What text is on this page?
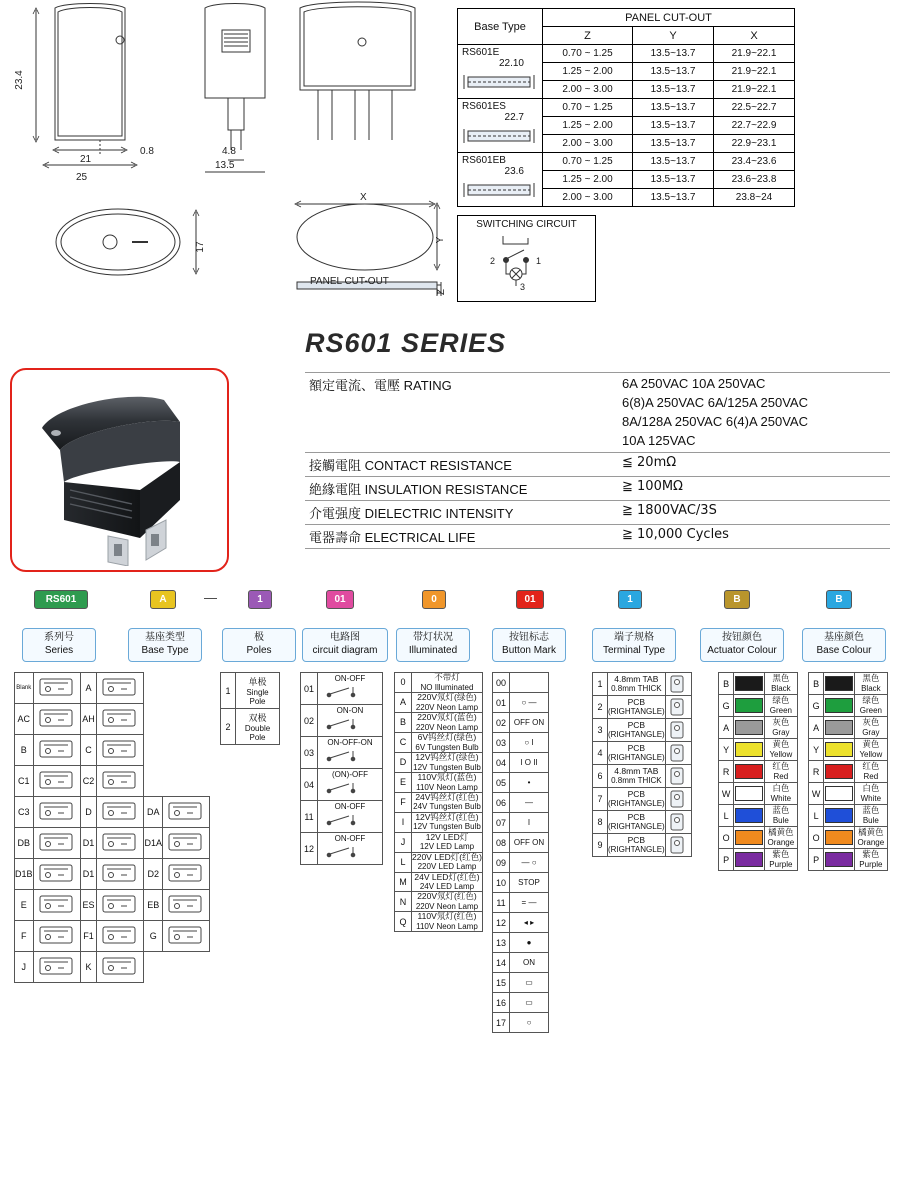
23.4
0.8
21
25
4.8
13.5
17
X
Y
Z
PANEL CUT-OUT
Base Type	PANEL CUT-OUT		
	Z	Y	X

RS601E
22.10	0.70 ~ 1.25	13.5~13.7	21.9~22.1
	1.25 ~ 2.00	13.5~13.7	21.9~22.1
	2.00 ~ 3.00	13.5~13.7	21.9~22.1

RS601ES
22.7	0.70 ~ 1.25	13.5~13.7	22.5~22.7
	1.25 ~ 2.00	13.5~13.7	22.7~22.9
	2.00 ~ 3.00	13.5~13.7	22.9~23.1

RS601EB
23.6	0.70 ~ 1.25	13.5~13.7	23.4~23.6
	1.25 ~ 2.00	13.5~13.7	23.6~23.8
	2.00 ~ 3.00	13.5~13.7	23.8~24
SWITCHING CIRCUIT
2	1
3
RS601 SERIES
額定電流、電壓 RATING	6A 250VAC 10A 250VAC
6(8)A 250VAC 6A/125A 250VAC
8A/128A 250VAC 6(4)A 250VAC
10A 125VAC
接觸電阻 CONTACT RESISTANCE	≦ 20mΩ
絶緣電阻 INSULATION RESISTANCE	≧ 100MΩ
介電强度 DIELECTRIC INTENSITY	≧ 1800VAC/3S
電器壽命 ELECTRICAL LIFE	≧ 10,000 Cycles
RS601	A	—	1	01	0	01	1	B	B
系列号
Series
基座类型
Base Type
极
Poles
电路图
circuit diagram
带灯状况
Illuminated
按钮标志
Button Mark
端子规格
Terminal Type
按钮颜色
Actuator Colour
基座颜色
Base Colour
Blank		A	

AC		AH	

B		C	

C1		C2	

C3		D		DA	

DB		D1		D1A	

D1B		D1		D2	

E		ES		EB	

F		F1		G	

J		K	

1	单极
Single Pole

2	双极
Double Pole
01	ON-OFF

02	ON-ON

03	ON-OFF-ON

04	(ON)-OFF

11	ON-OFF

12	ON-OFF
0	不带灯
NO Illuminated

A	220V氖灯(绿色)
220V Neon Lamp

B	220V氖灯(蓝色)
220V Neon Lamp

C	6V钨丝灯(绿色)
6V Tungsten Bulb

D	12V钨丝灯(绿色)
12V Tungsten Bulb

E	110V氖灯(蓝色)
110V Neon Lamp

F	24V钨丝灯(红色)
24V Tungsten Bulb

I	12V钨丝灯(红色)
12V Tungsten Bulb

J	12V LED灯
12V LED Lamp

L	220V LED灯(红色)
220V LED Lamp

M	24V LED灯(红色)
24V LED Lamp

N	220V氖灯(红色)
220V Neon Lamp

Q	110V氖灯(红色)
110V Neon Lamp
00	
01	○ —
02	OFF ON
03	○ I
04	I O II
05	•
06	—
07	I
08	OFF ON
09	— ○
10	STOP
11	= —
12	◂ ▸
13	●
14	ON
15	▭
16	▭
17	○
1	4.8mm TAB
0.8mm THICK

2	PCB
(RIGHTANGLE)

3	PCB
(RIGHTANGLE)

4	PCB
(RIGHTANGLE)

6	4.8mm TAB
0.8mm THICK

7	PCB
(RIGHTANGLE)

8	PCB
(RIGHTANGLE)

9	PCB
(RIGHTANGLE)

B		黑色
Black

G		绿色
Green

A		灰色
Gray

Y		黄色
Yellow

R		红色
Red

W		白色
White

L		蓝色
Bule

O		橘黄色
Orange

P		紫色
Purple
B		黑色
Black

G		绿色
Green

A		灰色
Gray

Y		黄色
Yellow

R		红色
Red

W		白色
White

L		蓝色
Bule

O		橘黄色
Orange

P		紫色
Purple
